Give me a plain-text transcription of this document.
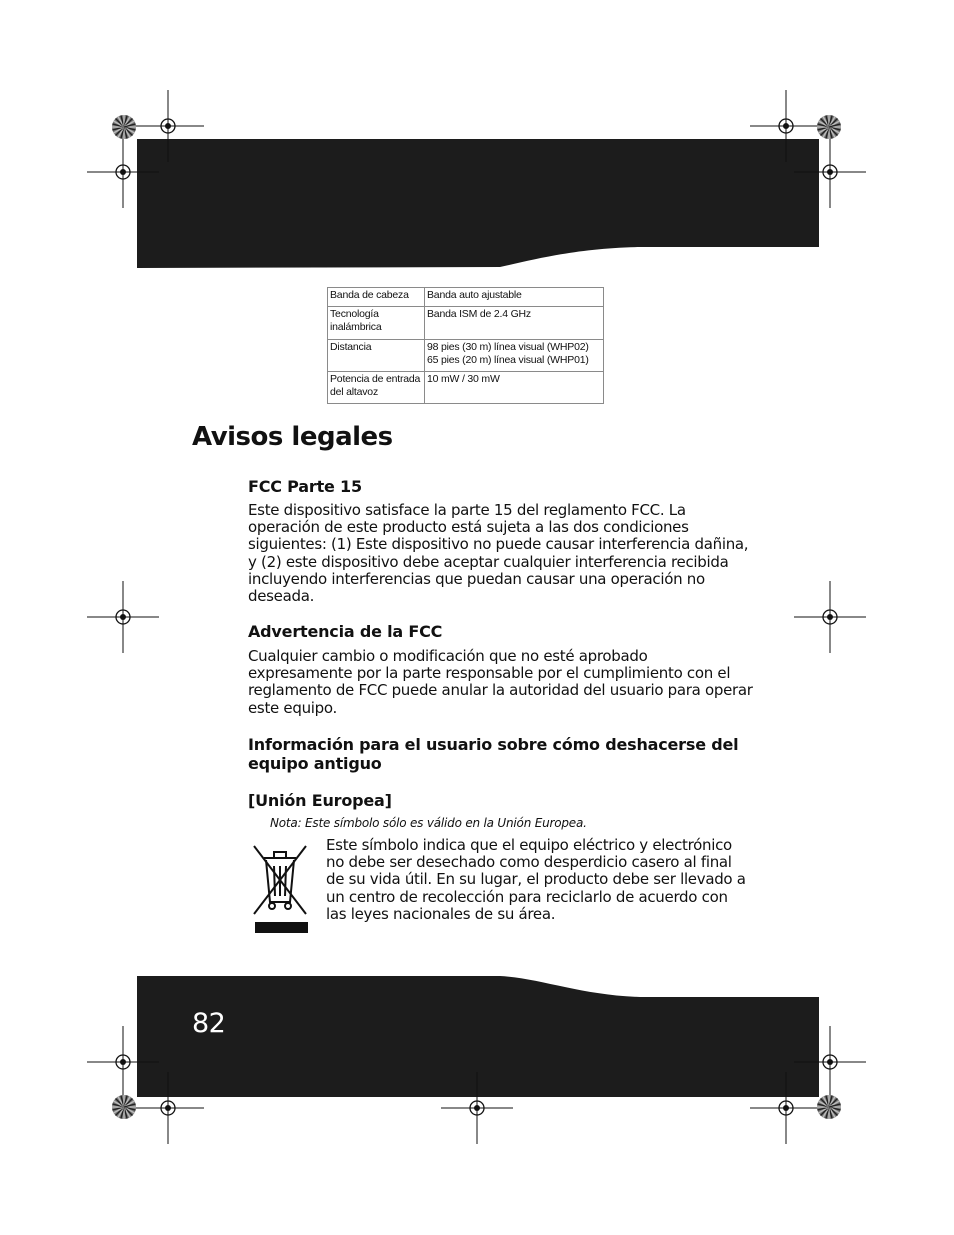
Banda de cabeza	Banda auto ajustable

Tecnología
inalámbrica	Banda ISM de 2.4 GHz

Distancia	98 pies (30 m) línea visual (WHP02)
65 pies (20 m) línea visual (WHP01)

Potencia de entrada
del altavoz	10 mW / 30 mW
Avisos legales
FCC Parte 15
Este dispositivo satisface la parte 15 del reglamento FCC. La
operación de este producto está sujeta a las dos condiciones
siguientes: (1) Este dispositivo no puede causar interferencia dañina,
y (2) este dispositivo debe aceptar cualquier interferencia recibida
incluyendo interferencias que puedan causar una operación no
deseada.
Advertencia de la FCC
Cualquier cambio o modificación que no esté aprobado
expresamente por la parte responsable por el cumplimiento con el
reglamento de FCC puede anular la autoridad del usuario para operar
este equipo.
Información para el usuario sobre cómo deshacerse del
equipo antiguo
[Unión Europea]
Nota: Este símbolo sólo es válido en la Unión Europea.
Este símbolo indica que el equipo eléctrico y electrónico
no debe ser desechado como desperdicio casero al final
de su vida útil. En su lugar, el producto debe ser llevado a
un centro de recolección para reciclarlo de acuerdo con
las leyes nacionales de su área.
82
